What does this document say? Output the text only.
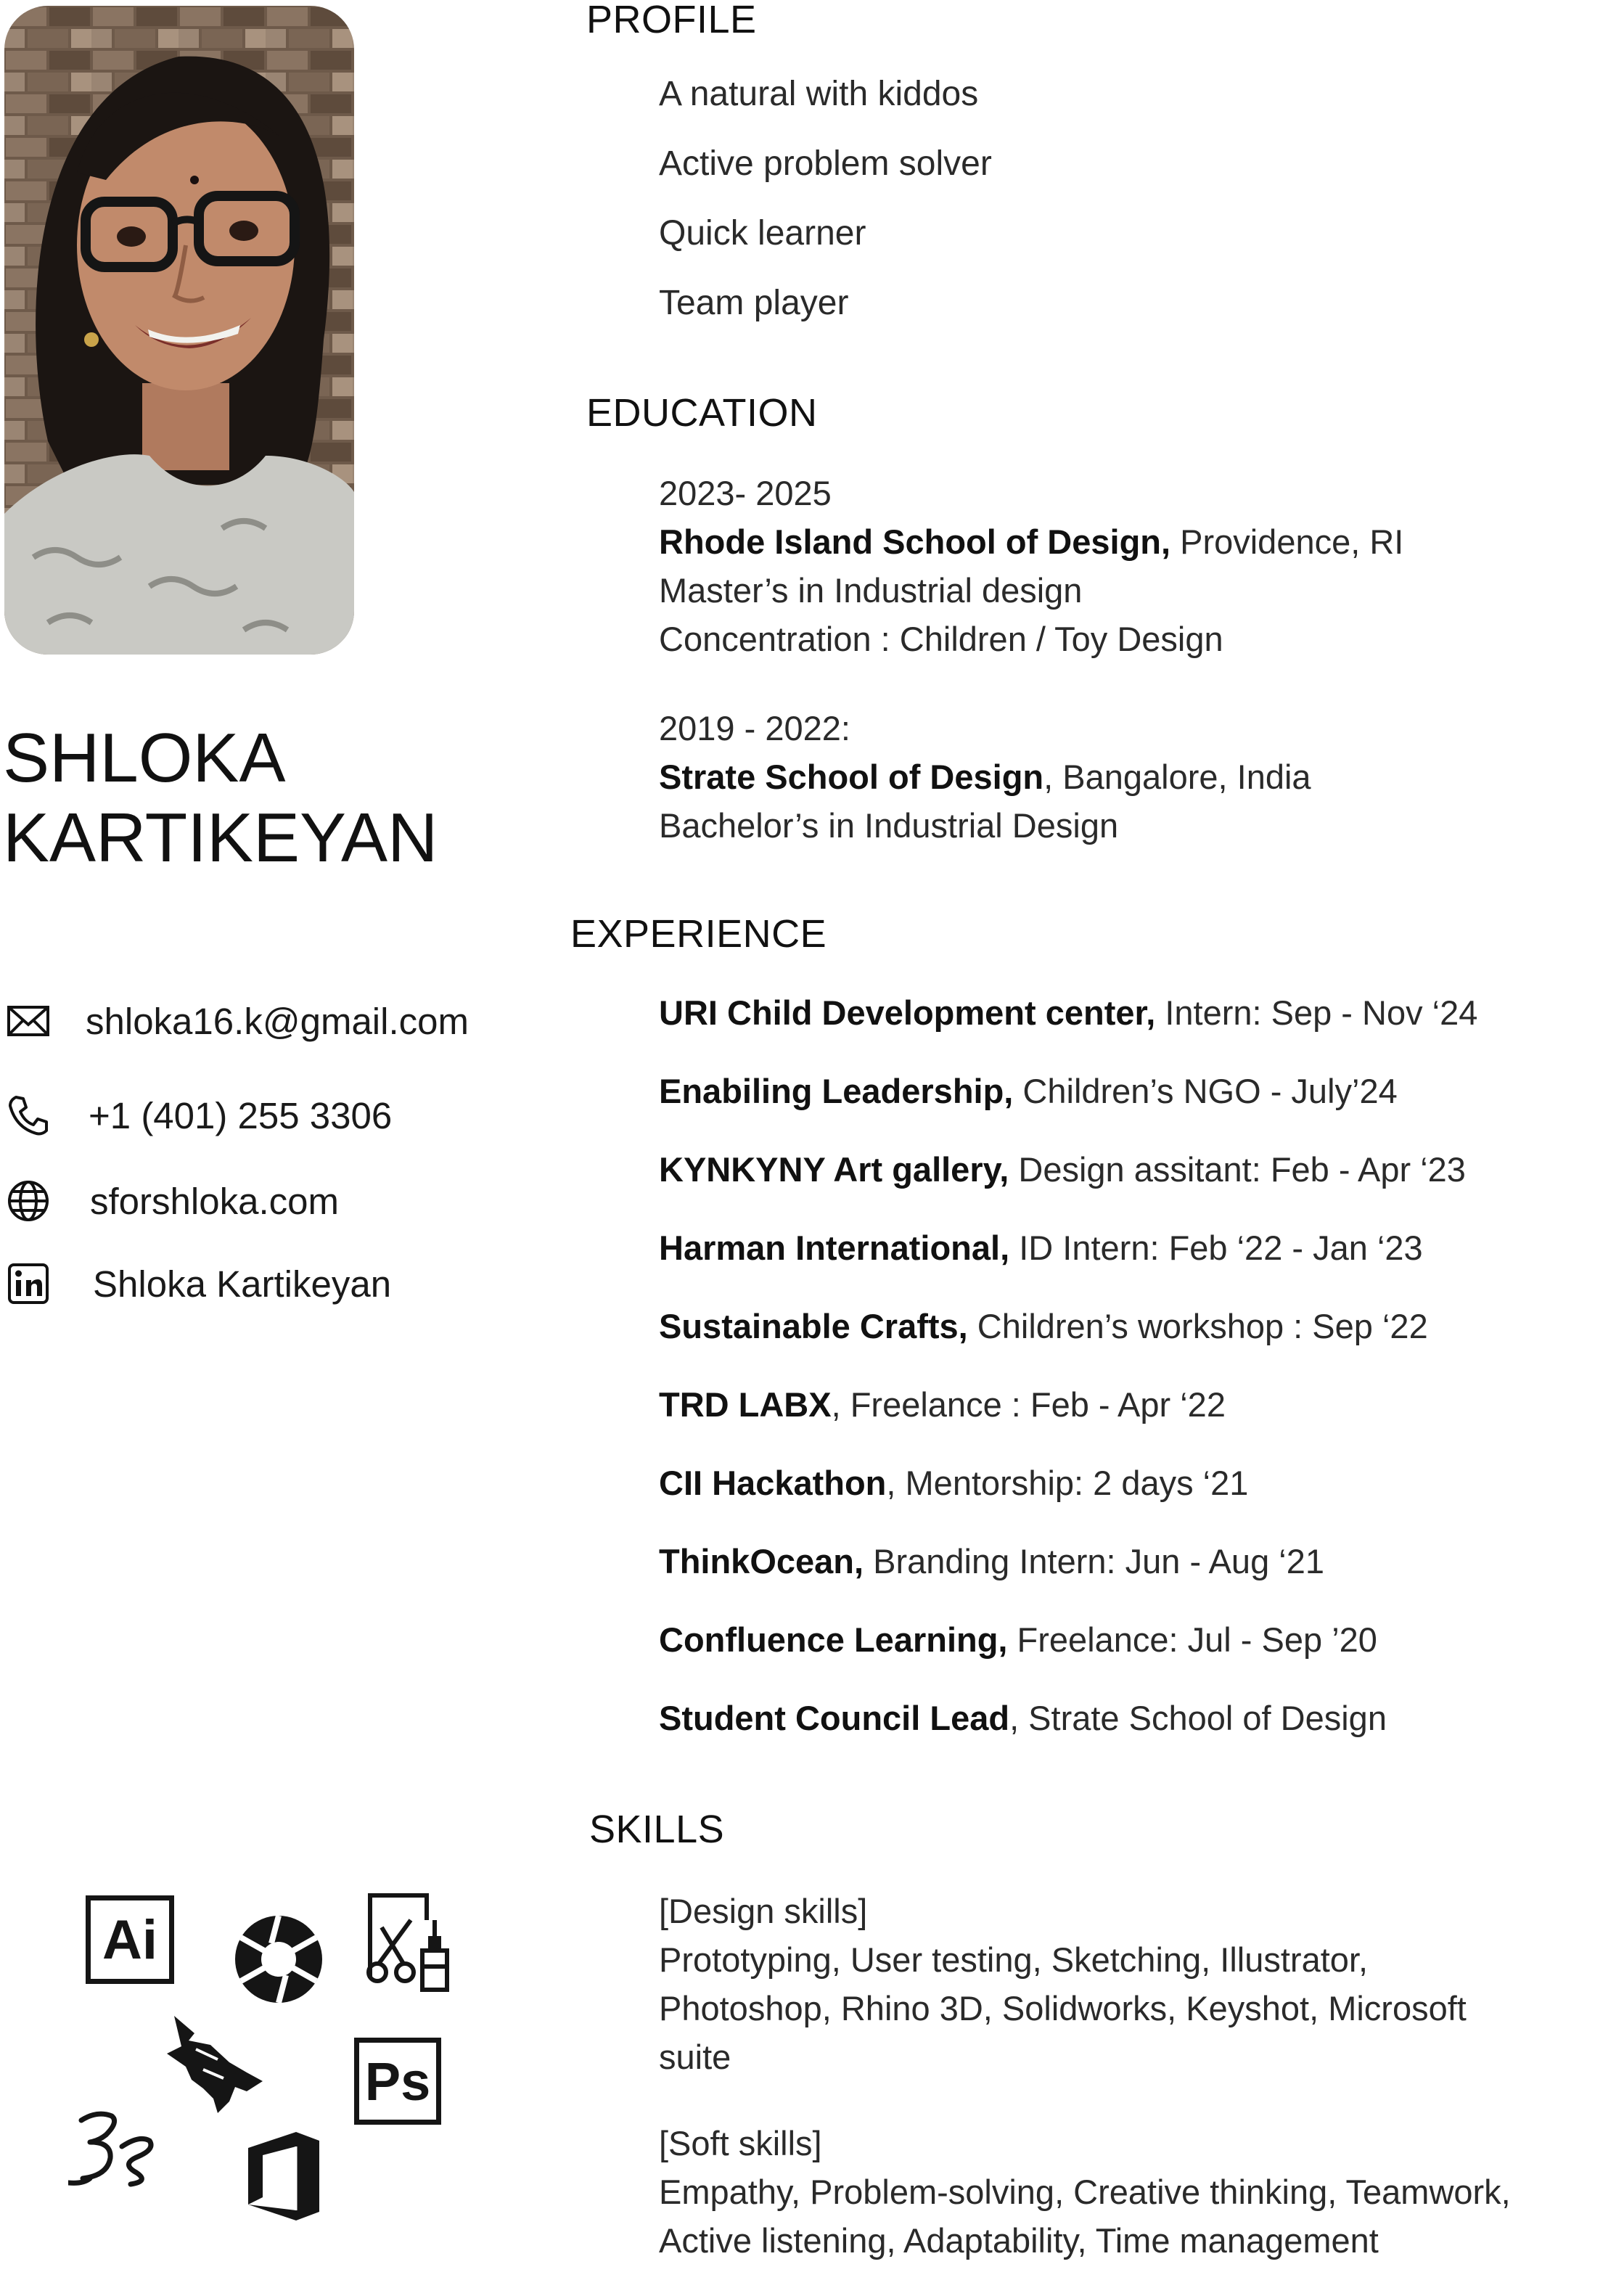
SHLOKA
KARTIKEYAN
shloka16.k@gmail.com
+1 (401) 255 3306
sforshloka.com
Shloka Kartikeyan
PROFILE
A natural with kiddos
Active problem solver
Quick learner
Team player
EDUCATION
2023- 2025
Rhode Island School of Design, Providence, RI
Master’s in Industrial design
Concentration : Children / Toy Design
2019 - 2022:
Strate School of Design, Bangalore, India
Bachelor’s in Industrial Design
EXPERIENCE
URI Child Development center, Intern: Sep - Nov ‘24
Enabiling Leadership, Children’s NGO - July’24
KYNKYNY Art gallery, Design assitant: Feb - Apr ‘23
Harman International, ID Intern: Feb ‘22 - Jan ‘23
Sustainable Crafts, Children’s workshop : Sep ‘22
TRD LABX, Freelance : Feb - Apr ‘22
CII Hackathon, Mentorship: 2 days ‘21
ThinkOcean, Branding Intern: Jun - Aug ‘21
Confluence Learning, Freelance: Jul - Sep ’20
Student Council Lead, Strate School of Design
SKILLS
[Design skills]
Prototyping, User testing, Sketching, Illustrator,
Photoshop, Rhino 3D, Solidworks, Keyshot, Microsoft
suite
[Soft skills]
Empathy, Problem-solving, Creative thinking, Teamwork,
Active listening, Adaptability, Time management
Ai
Ps
